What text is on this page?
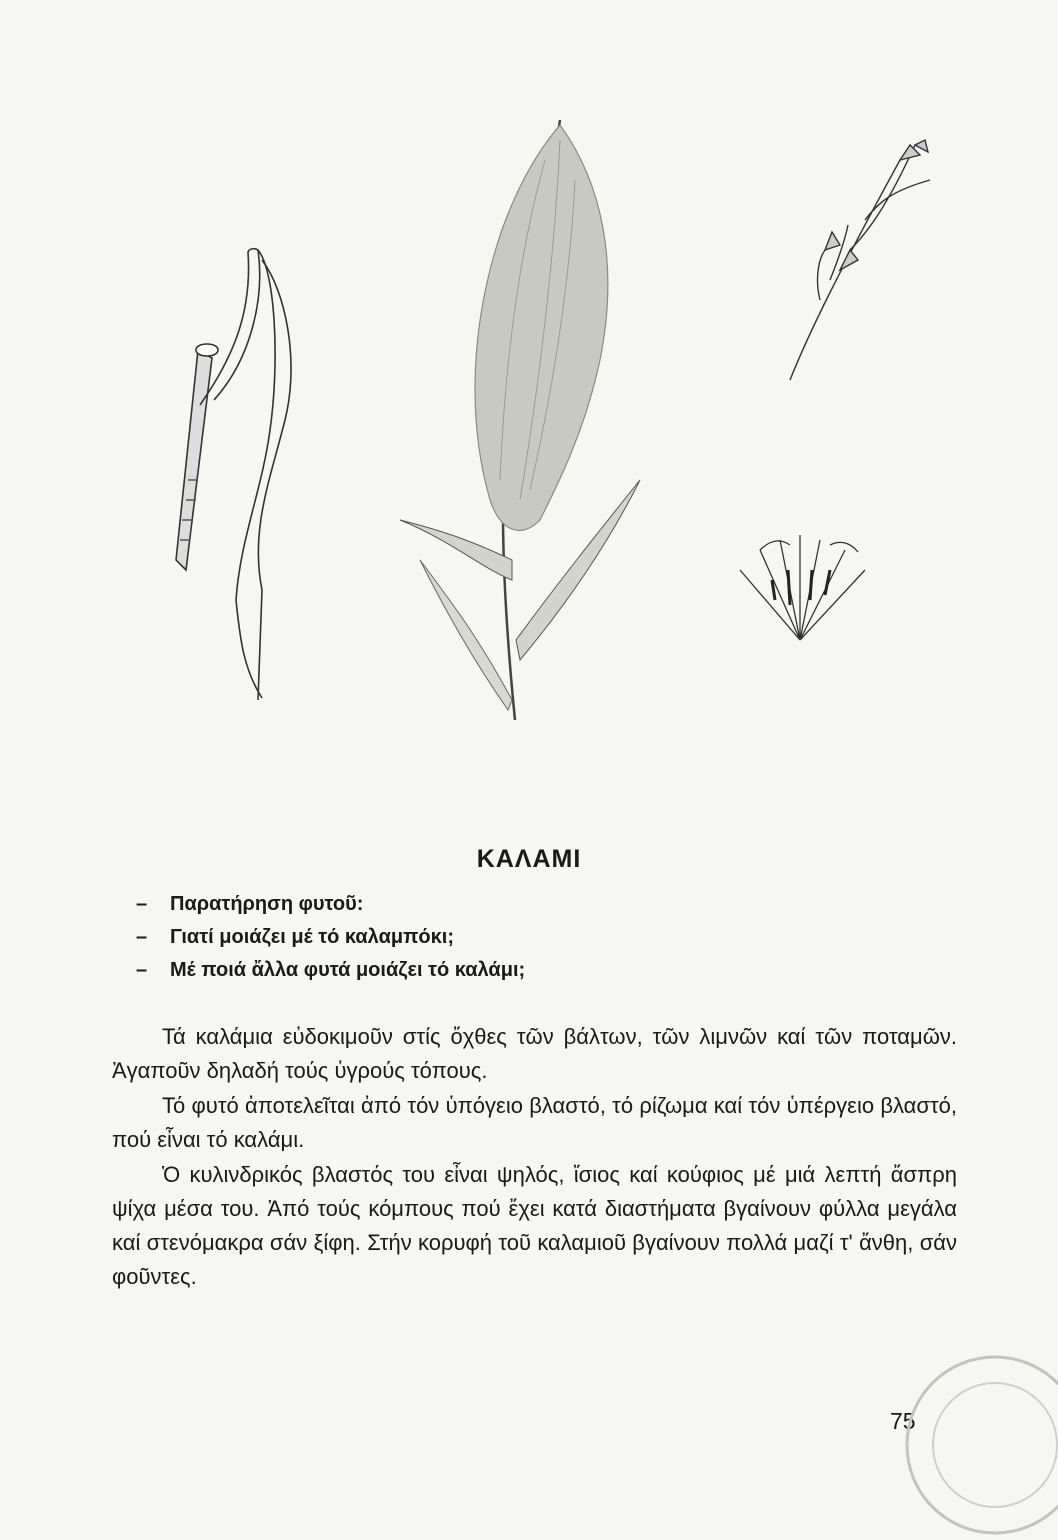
ΚΑΛΑΜΙ
– Παρατήρηση φυτοῦ:
– Γιατί μοιάζει μέ τό καλαμπόκι;
– Μέ ποιά ἄλλα φυτά μοιάζει τό καλάμι;

Τά καλάμια εὐδοκιμοῦν στίς ὄχθες τῶν βάλτων, τῶν λιμνῶν καί τῶν ποταμῶν. Ἀγαποῦν δηλαδή τούς ὑγρούς τόπους.

Τό φυτό ἀποτελεῖται ἀπό τόν ὑπόγειο βλαστό, τό ρίζωμα καί τόν ὑπέργειο βλαστό, πού εἶναι τό καλάμι.

Ὁ κυλινδρικός βλαστός του εἶναι ψηλός, ἴσιος καί κούφιος μέ μιά λεπτή ἄσπρη ψίχα μέσα του. Ἀπό τούς κόμπους πού ἔχει κατά διαστήματα βγαίνουν φύλλα μεγάλα καί στενόμακρα σάν ξίφη. Στήν κορυφή τοῦ καλαμιοῦ βγαίνουν πολλά μαζί τ' ἄνθη, σάν φοῦντες.

75
